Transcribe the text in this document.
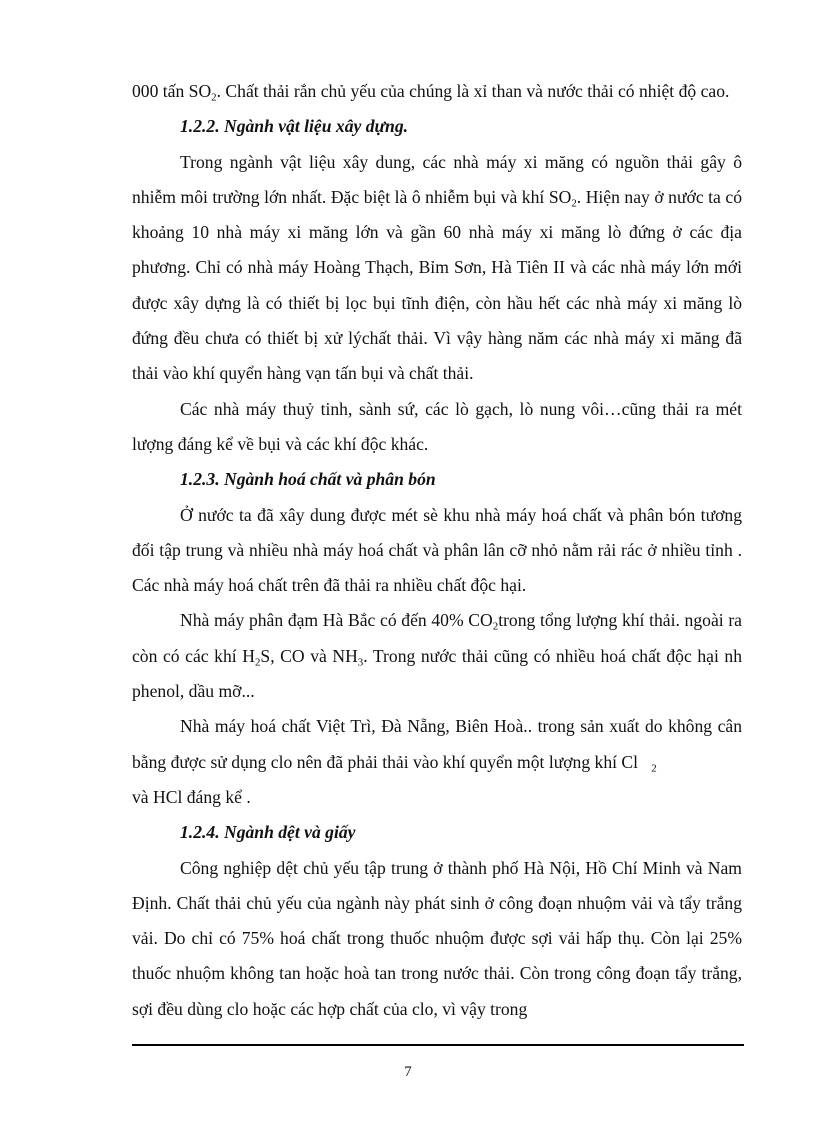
000 tấn $SO_2$. Chất thải rắn chủ yếu của chúng là xỉ than và nước thải có nhiệt độ cao.

1.2.2. Ngành vật liệu xây dựng.

Trong ngành vật liệu xây dung, các nhà máy xi măng có nguồn thải gây ô nhiễm môi trường lớn nhất. Đặc biệt là ô nhiễm bụi và khí $SO_2$. Hiện nay ở nước ta có khoảng 10 nhà máy xi măng lớn và gần 60 nhà máy xi măng lò đứng ở các địa phương. Chỉ có nhà máy Hoàng Thạch, Bỉm Sơn, Hà Tiên II và các nhà máy lớn mới được xây dựng là có thiết bị lọc bụi tĩnh điện, còn hầu hết các nhà máy xi măng lò đứng đều chưa có thiết bị xử lýchất thải. Vì vậy hàng năm các nhà máy xi măng đã thải vào khí quyển hàng vạn tấn bụi và chất thải.

Các nhà máy thuỷ tinh, sành sứ, các lò gạch, lò nung vôi…cũng thải ra mét lượng đáng kể về bụi và các khí độc khác.

1.2.3. Ngành hoá chất và phân bón

Ở nước ta đã xây dung được mét sè khu nhà máy hoá chất và phân bón tương đối tập trung và nhiều nhà máy hoá chất và phân lân cỡ nhỏ nằm rải rác ở nhiều tỉnh . Các nhà máy hoá chất trên đã thải ra nhiều chất độc hại.

Nhà máy phân đạm Hà Bắc có đến 40% $CO_2trong$ tổng lượng khí thải. ngoài ra còn có các khí $H_2S$, CO và $NH_3$. Trong nước thải cũng có nhiều hoá chất độc hại nh phenol, dầu mỡ...

Nhà máy hoá chất Việt Trì, Đà Nẵng, Biên Hoà.. trong sản xuất do không cân bằng được sử dụng clo nên đã phải thải vào khí quyển một lượng khí Cl $_2$
và HCl đáng kể .

1.2.4. Ngành dệt và giấy

Công nghiệp dệt chủ yếu tập trung ở thành phố Hà Nội, Hồ Chí Minh và Nam Định. Chất thải chủ yếu của ngành này phát sinh ở công đoạn nhuộm vải và tẩy trắng vải. Do chỉ có 75% hoá chất trong thuốc nhuộm được sợi vải hấp thụ. Còn lại 25% thuốc nhuộm không tan hoặc hoà tan trong nước thải. Còn trong công đoạn tẩy trắng, sợi đều dùng clo hoặc các hợp chất của clo, vì vậy trong

7
